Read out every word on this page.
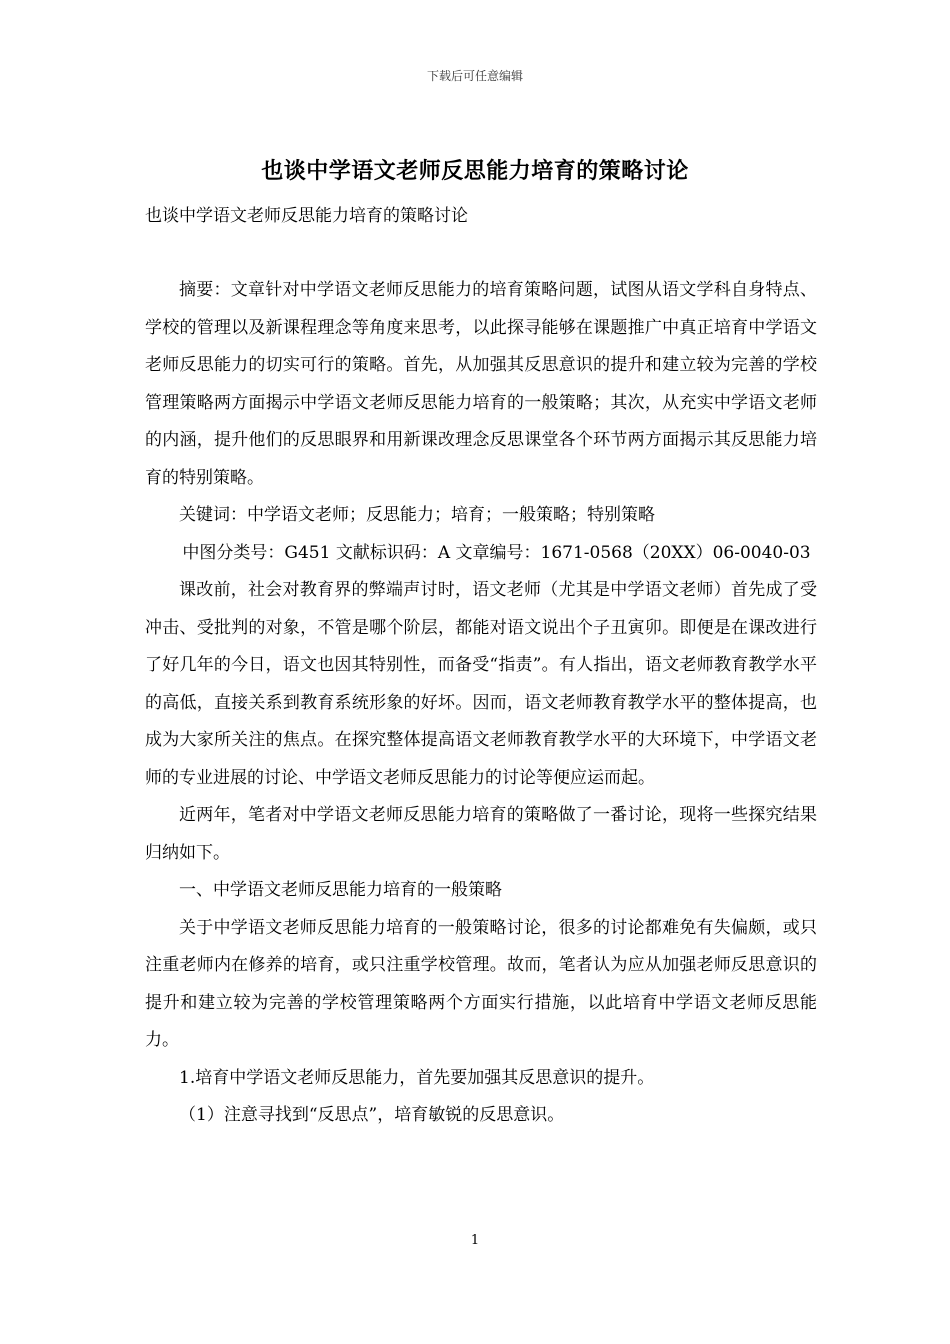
下载后可任意编辑
也谈中学语文老师反思能力培育的策略讨论
也谈中学语文老师反思能力培育的策略讨论

摘要：文章针对中学语文老师反思能力的培育策略问题，试图从语文学科自身特点、学校的管理以及新课程理念等角度来思考，以此探寻能够在课题推广中真正培育中学语文老师反思能力的切实可行的策略。首先，从加强其反思意识的提升和建立较为完善的学校管理策略两方面揭示中学语文老师反思能力培育的一般策略；其次，从充实中学语文老师的内涵，提升他们的反思眼界和用新课改理念反思课堂各个环节两方面揭示其反思能力培育的特别策略。

关键词：中学语文老师；反思能力；培育；一般策略；特别策略

中图分类号：G451 文献标识码：A 文章编号：1671-0568（20XX）06-0040-03

课改前，社会对教育界的弊端声讨时，语文老师（尤其是中学语文老师）首先成了受冲击、受批判的对象，不管是哪个阶层，都能对语文说出个子丑寅卯。即便是在课改进行了好几年的今日，语文也因其特别性，而备受“指责”。有人指出，语文老师教育教学水平的高低，直接关系到教育系统形象的好坏。因而，语文老师教育教学水平的整体提高，也成为大家所关注的焦点。在探究整体提高语文老师教育教学水平的大环境下，中学语文老师的专业进展的讨论、中学语文老师反思能力的讨论等便应运而起。

近两年，笔者对中学语文老师反思能力培育的策略做了一番讨论，现将一些探究结果归纳如下。

一、中学语文老师反思能力培育的一般策略

关于中学语文老师反思能力培育的一般策略讨论，很多的讨论都难免有失偏颇，或只注重老师内在修养的培育，或只注重学校管理。故而，笔者认为应从加强老师反思意识的提升和建立较为完善的学校管理策略两个方面实行措施，以此培育中学语文老师反思能力。

1.培育中学语文老师反思能力，首先要加强其反思意识的提升。

（1）注意寻找到“反思点”，培育敏锐的反思意识。

1
